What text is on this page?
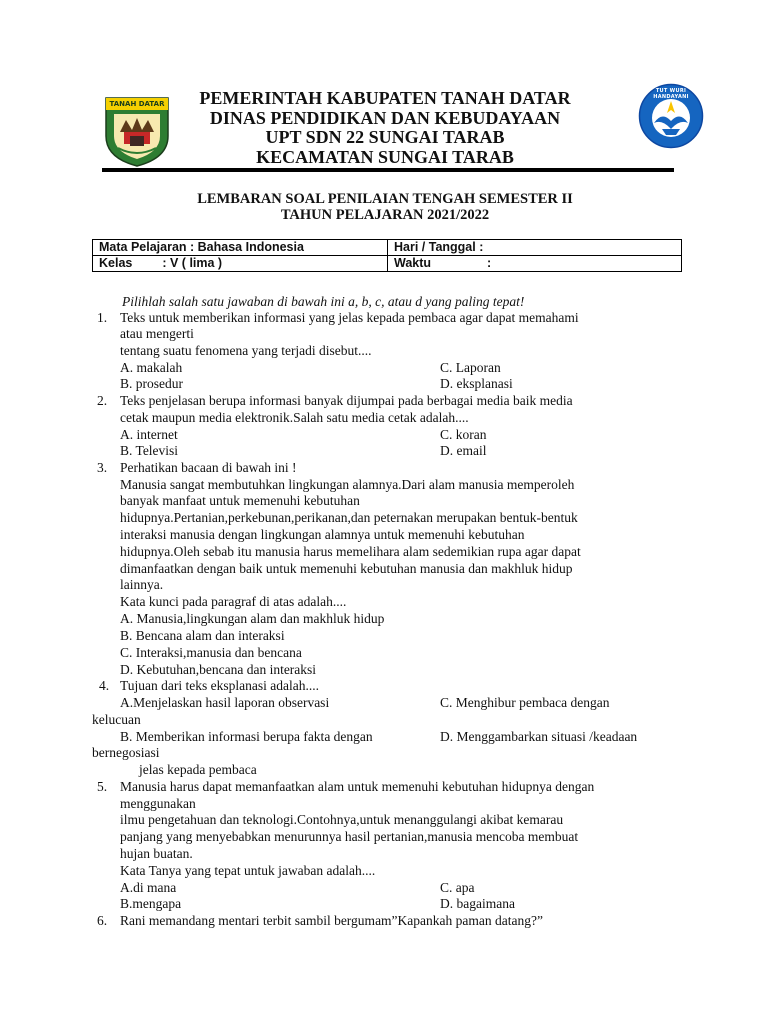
TANAH DATAR
TUT WURI HANDAYANI
PEMERINTAH KABUPATEN TANAH DATAR
DINAS PENDIDIKAN DAN KEBUDAYAAN
UPT SDN 22 SUNGAI TARAB
KECAMATAN SUNGAI TARAB
LEMBARAN SOAL PENILAIAN TENGAH SEMESTER II
TAHUN PELAJARAN 2021/2022
Mata Pelajaran : Bahasa Indonesia	Hari / Tanggal :
Kelas : V ( lima )	Waktu :
Pilihlah salah satu jawaban di bawah ini a, b, c, atau d yang paling tepat!
1. Teks untuk memberikan informasi yang jelas kepada pembaca agar dapat memahami
atau mengerti
tentang suatu fenomena yang terjadi disebut....
A. makalah	C. Laporan
B. prosedur	D. eksplanasi
2. Teks penjelasan berupa informasi banyak dijumpai pada berbagai media baik media
cetak maupun media elektronik.Salah satu media cetak adalah....
A. internet	C. koran
B. Televisi	D. email
3. Perhatikan bacaan di bawah ini !
Manusia sangat membutuhkan lingkungan alamnya.Dari alam manusia memperoleh
banyak manfaat untuk memenuhi kebutuhan
hidupnya.Pertanian,perkebunan,perikanan,dan peternakan merupakan bentuk-bentuk
interaksi manusia dengan lingkungan alamnya untuk memenuhi kebutuhan
hidupnya.Oleh sebab itu manusia harus memelihara alam sedemikian rupa agar dapat
dimanfaatkan dengan baik untuk memenuhi kebutuhan manusia dan makhluk hidup
lainnya.
Kata kunci pada paragraf di atas adalah....
A. Manusia,lingkungan alam dan makhluk hidup
B. Bencana alam dan interaksi
C. Interaksi,manusia dan bencana
D. Kebutuhan,bencana dan interaksi
4. Tujuan dari teks eksplanasi adalah....
A.Menjelaskan hasil laporan observasi	C. Menghibur pembaca dengan
kelucuan
B. Memberikan informasi berupa fakta dengan	D. Menggambarkan situasi /keadaan
bernegosiasi
jelas kepada pembaca
5. Manusia harus dapat memanfaatkan alam untuk memenuhi kebutuhan hidupnya dengan
menggunakan
ilmu pengetahuan dan teknologi.Contohnya,untuk menanggulangi akibat kemarau
panjang yang menyebabkan menurunnya hasil pertanian,manusia mencoba membuat
hujan buatan.
Kata Tanya yang tepat untuk jawaban adalah....
A.di mana	C. apa
B.mengapa	D. bagaimana
6. Rani memandang mentari terbit sambil bergumam”Kapankah paman datang?”
